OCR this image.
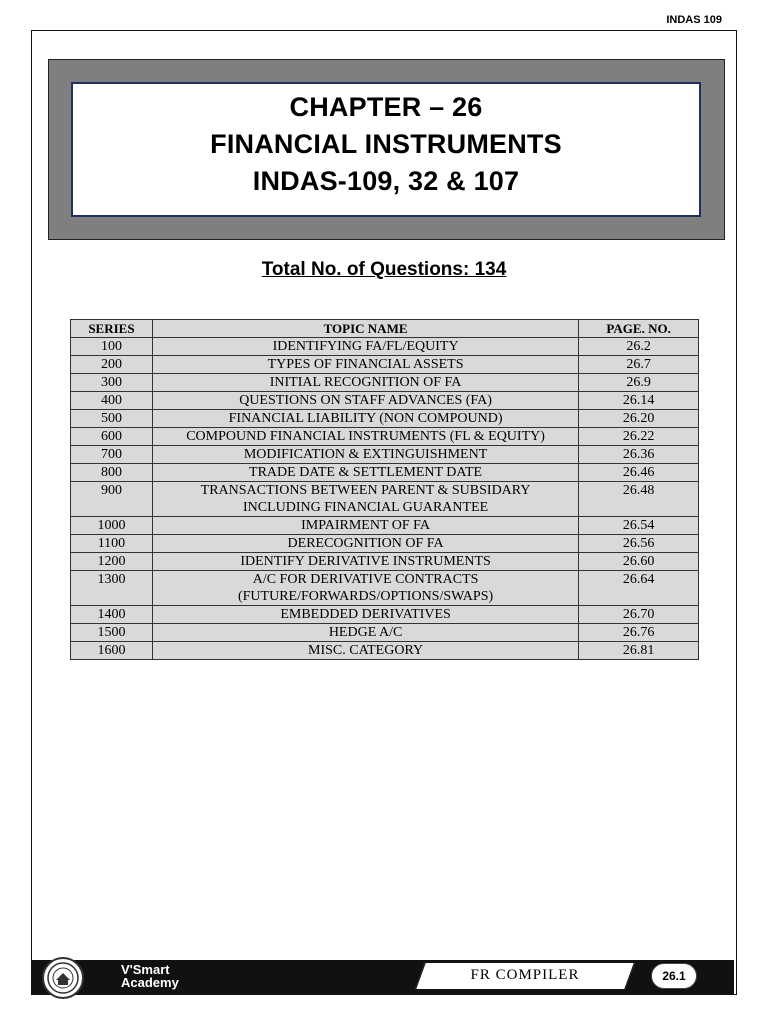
INDAS 109
CHAPTER – 26
FINANCIAL INSTRUMENTS
INDAS-109, 32 & 107
Total No. of Questions: 134
SERIES	TOPIC NAME	PAGE. NO.
100	IDENTIFYING FA/FL/EQUITY	26.2
200	TYPES OF FINANCIAL ASSETS	26.7
300	INITIAL RECOGNITION OF FA	26.9
400	QUESTIONS ON STAFF ADVANCES (FA)	26.14
500	FINANCIAL LIABILITY (NON COMPOUND)	26.20
600	COMPOUND FINANCIAL INSTRUMENTS (FL & EQUITY)	26.22
700	MODIFICATION & EXTINGUISHMENT	26.36
800	TRADE DATE & SETTLEMENT DATE	26.46
900	TRANSACTIONS BETWEEN PARENT & SUBSIDARY
INCLUDING FINANCIAL GUARANTEE	26.48
1000	IMPAIRMENT OF FA	26.54
1100	DERECOGNITION OF FA	26.56
1200	IDENTIFY DERIVATIVE INSTRUMENTS	26.60
1300	A/C FOR DERIVATIVE CONTRACTS
(FUTURE/FORWARDS/OPTIONS/SWAPS)	26.64
1400	EMBEDDED DERIVATIVES	26.70
1500	HEDGE A/C	26.76
1600	MISC. CATEGORY	26.81
V'Smart
Academy	FR COMPILER	26.1
